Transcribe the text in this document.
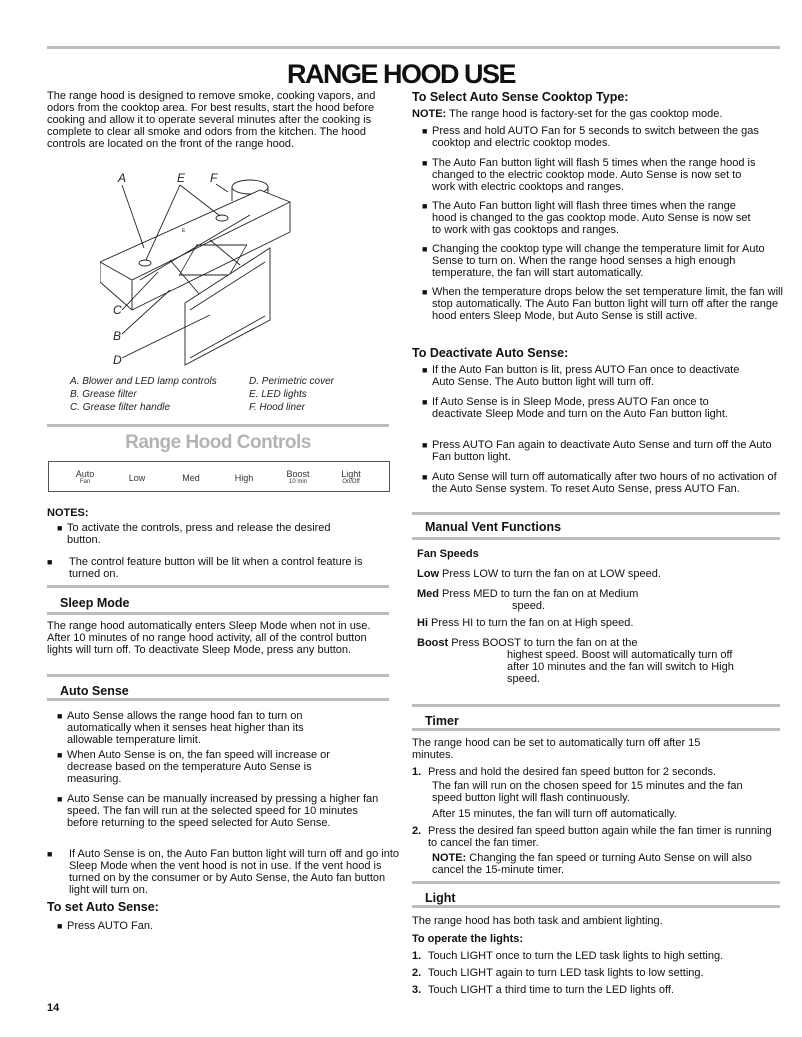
RANGE HOOD USE
The range hood is designed to remove smoke, cooking vapors, and odors from the cooktop area. For best results, start the hood before cooking and allow it to operate several minutes after the cooking is complete to clear all smoke and odors from the kitchen. The hood controls are located on the front of the range hood.
A	E F
C
B
D
E
A. Blower and LED lamp controls
B. Grease filter
C. Grease filter handle
D. Perimetric cover
E. LED lights
F. Hood liner
Range Hood Controls
Auto
Fan	Low	Med	High	Boost
10 min
Light
On/Off
NOTES:
■ To activate the controls, press and release the desired button.
■ The control feature button will be lit when a control feature is turned on.
Sleep Mode
The range hood automatically enters Sleep Mode when not in use. After 10 minutes of no range hood activity, all of the control button lights will turn off. To deactivate Sleep Mode, press any button.
Auto Sense
■ Auto Sense allows the range hood fan to turn on automatically when it senses heat higher than its allowable temperature limit.
■ When Auto Sense is on, the fan speed will increase or decrease based on the temperature Auto Sense is measuring.
■ Auto Sense can be manually increased by pressing a higher fan speed. The fan will run at the selected speed for 10 minutes before returning to the speed selected for Auto Sense.
■ If Auto Sense is on, the Auto Fan button light will turn off and go into Sleep Mode when the vent hood is not in use. If the vent hood is turned on by the consumer or by Auto Sense, the Auto fan button light will turn on.
To set Auto Sense:
■ Press AUTO Fan.
14
To Select Auto Sense Cooktop Type:
NOTE: The range hood is factory-set for the gas cooktop mode.
■ Press and hold AUTO Fan for 5 seconds to switch between the gas cooktop and electric cooktop modes.
■ The Auto Fan button light will flash 5 times when the range hood is changed to the electric cooktop mode. Auto Sense is now set to work with electric cooktops and ranges.
■ The Auto Fan button light will flash three times when the range hood is changed to the gas cooktop mode. Auto Sense is now set to work with gas cooktops and ranges.
■ Changing the cooktop type will change the temperature limit for Auto Sense to turn on. When the range hood senses a high enough temperature, the fan will start automatically.
■ When the temperature drops below the set temperature limit, the fan will stop automatically. The Auto Fan button light will turn off after the range hood enters Sleep Mode, but Auto Sense is still active.
To Deactivate Auto Sense:
■ If the Auto Fan button is lit, press AUTO Fan once to deactivate Auto Sense. The Auto button light will turn off.
■ If Auto Sense is in Sleep Mode, press AUTO Fan once to deactivate Sleep Mode and turn on the Auto Fan button light.
■ Press AUTO Fan again to deactivate Auto Sense and turn off the Auto Fan button light.
■ Auto Sense will turn off automatically after two hours of no activation of the Auto Sense system. To reset Auto Sense, press AUTO Fan.
Manual Vent Functions
Fan Speeds
Low Press LOW to turn the fan on at LOW speed.
Med Press MED to turn the fan on at Medium
speed.
Hi Press HI to turn the fan on at High speed.
Boost Press BOOST to turn the fan on at the
highest speed. Boost will automatically turn off after 10 minutes and the fan will switch to High speed.
Timer
The range hood can be set to automatically turn off after 15 minutes.
1. Press and hold the desired fan speed button for 2 seconds.
The fan will run on the chosen speed for 15 minutes and the fan speed button light will flash continuously.
After 15 minutes, the fan will turn off automatically.
2. Press the desired fan speed button again while the fan timer is running to cancel the fan timer.
NOTE: Changing the fan speed or turning Auto Sense on will also cancel the 15-minute timer.
Light
The range hood has both task and ambient lighting.
To operate the lights:
1. Touch LIGHT once to turn the LED task lights to high setting.
2. Touch LIGHT again to turn LED task lights to low setting.
3. Touch LIGHT a third time to turn the LED lights off.
